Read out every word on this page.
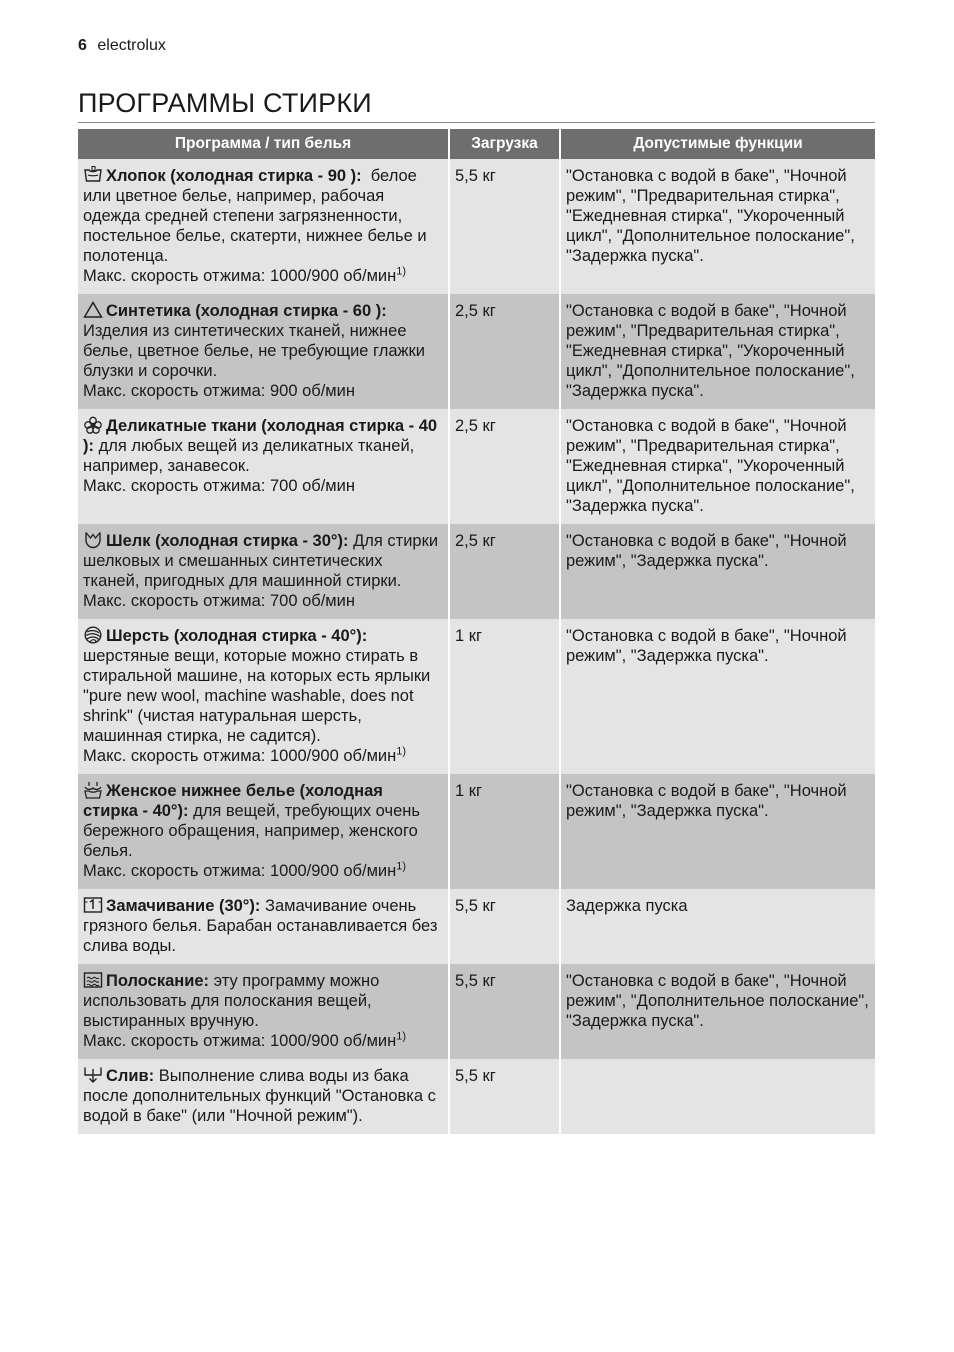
6 electrolux
ПРОГРАММЫ СТИРКИ
Программа / тип белья	Загрузка	Допустимые функции

Хлопок (холодная стирка - 90 ): белое или цветное белье, например, рабочая одежда средней степени загрязненности, постельное белье, скатерти, нижнее белье и полотенца.
Макс. скорость отжима: 1000/900 об/мин$^{1)}$	5,5 кг	"Остановка с водой в баке", "Ночной режим", "Предварительная стирка", "Ежедневная стирка", "Укороченный цикл", "Дополнительное полоскание", "Задержка пуска".

Синтетика (холодная стирка - 60 ): Изделия из синтетических тканей, нижнее белье, цветное белье, не требующие глажки блузки и сорочки.
Макс. скорость отжима: 900 об/мин	2,5 кг	"Остановка с водой в баке", "Ночной режим", "Предварительная стирка", "Ежедневная стирка", "Укороченный цикл", "Дополнительное полоскание", "Задержка пуска".

Деликатные ткани (холодная стирка - 40 ): для любых вещей из деликатных тканей, например, занавесок.
Макс. скорость отжима: 700 об/мин	2,5 кг	"Остановка с водой в баке", "Ночной режим", "Предварительная стирка", "Ежедневная стирка", "Укороченный цикл", "Дополнительное полоскание", "Задержка пуска".

Шелк (холодная стирка - 30°): Для стирки шелковых и смешанных синтетических тканей, пригодных для машинной стирки.
Макс. скорость отжима: 700 об/мин	2,5 кг	"Остановка с водой в баке", "Ночной режим", "Задержка пуска".

Шерсть (холодная стирка - 40°): шерстяные вещи, которые можно стирать в стиральной машине, на которых есть ярлыки "pure new wool, machine washable, does not shrink" (чистая натуральная шерсть, машинная стирка, не садится).
Макс. скорость отжима: 1000/900 об/мин$^{1)}$	1 кг	"Остановка с водой в баке", "Ночной режим", "Задержка пуска".

Женское нижнее белье (холодная стирка - 40°): для вещей, требующих очень бережного обращения, например, женского белья.
Макс. скорость отжима: 1000/900 об/мин$^{1)}$	1 кг	"Остановка с водой в баке", "Ночной режим", "Задержка пуска".

Замачивание (30°): Замачивание очень грязного белья. Барабан останавливается без слива воды.	5,5 кг	Задержка пуска

Полоскание: эту программу можно использовать для полоскания вещей, выстиранных вручную.
Макс. скорость отжима: 1000/900 об/мин$^{1)}$	5,5 кг	"Остановка с водой в баке", "Ночной режим", "Дополнительное полоскание", "Задержка пуска".

Слив: Выполнение слива воды из бака после дополнительных функций "Остановка с водой в баке" (или "Ночной режим").	5,5 кг	
